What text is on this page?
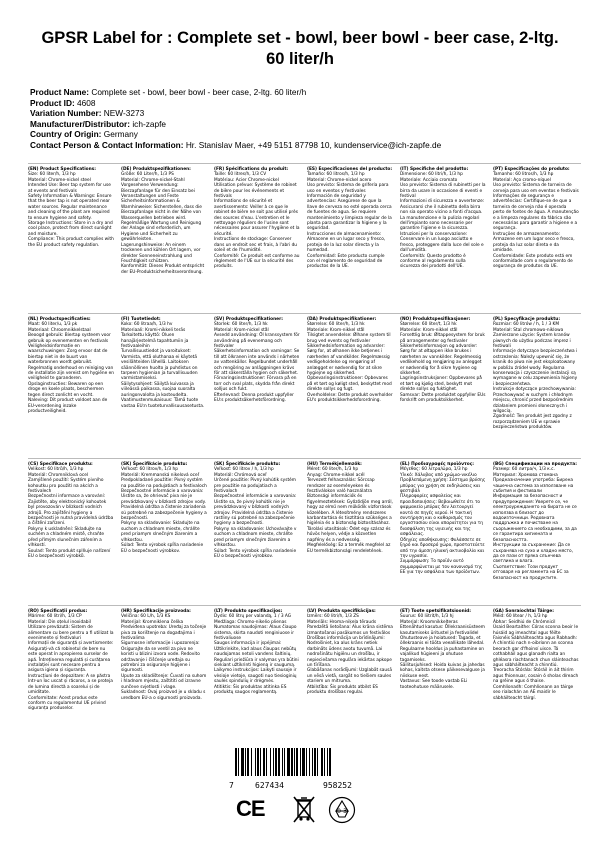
GPSR Label for : Complete set - bowl, beer bowl - beer case, 2-ltg. 60 liter/h
Product Name: Complete set - bowl, beer bowl - beer case, 2-ltg. 60 liter/h
Product ID: 4608
Variation Number: NEW-3273
Manufacturer/Distributor: ich-zapfe
Country of Origin: Germany
Contact Person & Contact Information: Hr. Stanislav Maer, +49 5151 87798 10, kundenservice@ich-zapfe.de
(EN) Product Specifications:
Size: 60 liter/h, 1/3 hp
Material: Chrome-nickel steel
Intended Use: Beer tap system for use at events and festivals
Safety Information & Warnings: Ensure that the beer tap is not operated near water sources. Regular maintenance and cleaning of the plant are required to ensure hygiene and safety.
Storage Instructions: Store in a dry and cool place, protect from direct sunlight and moisture.
Compliance: This product complies with the EU product safety regulation.
(DE) Produktspezifikationen:
Größe: 60 Liter/h, 1/3 PS
Material: Chrome-nickel-Stahl
Vorgesehene Verwendung: Bierzapfanlage für den Einsatz bei Veranstaltungen und Feste
Sicherheitsinformationen & Warnhinweise: Sicherstellen, dass die Bierzapfanlage nicht in der Nähe von Wasserquellen betrieben wird. Regelmäßige Wartung und Reinigung der Anlage sind erforderlich, um Hygiene und Sicherheit zu gewährleisten.
Lagerungshinweise: An einem trockenen und kühlen Ort lagern, vor direkter Sonneneinstrahlung und Feuchtigkeit schützen.
Konformität: Dieses Produkt entspricht der EU-Produktsicherheitsverordnung.
(FR) Spécifications du produit:
Taille: 60 litres/h, 1/3 CV
Matériau: Acier Chrome-nickel
Utilisation prévue: Système de robinet de bière pour les événements et festivals
Informations de sécurité et avertissements: Veiller à ce que le robinet de bière ne soit pas utilisé près des sources d'eau. L'entretien et le nettoyage réguliers de l'usine sont nécessaires pour assurer l'hygiène et la sécurité.
Instructions de stockage: Conserver dans un endroit sec et frais, à l'abri du soleil et de l'humidité.
Conformité: Ce produit est conforme au règlement de l'UE sur la sécurité des produits.
(ES) Especificaciones del producto:
Tamaño: 60 litros/h, 1/3 hp
Material: Chrome-nickel acero
Uso previsto: Sistema de grifería para uso en eventos y festivales
Información de seguridad y advertencias: Asegúrese de que la llave de cerveza no esté operada cerca de fuentes de agua. Se requiere mantenimiento y limpieza regular de la planta para garantizar la higiene y la seguridad.
Instrucciones de almacenamiento: Almacene en un lugar seco y fresco, proteja de la luz solar directa y la humedad.
Conformidad: Este producto cumple con el reglamento de seguridad de productos de la UE.
(IT) Specifiche del prodotto:
Dimensione: 60 litri/h, 1/3 hp
Materiale: Acciaio cromato
Uso previsto: Sistema di rubinetti per la birra da usare in occasione di eventi e festival
Informazioni di sicurezza e avvertenze: Assicurarsi che il rubinetto della birra non sia operato vicino a fonti d'acqua. La manutenzione e la pulizia regolari dell'impianto sono necessarie per garantire l'igiene e la sicurezza.
Istruzioni per la conservazione: Conservare in un luogo asciutto e fresco, proteggere dalla luce del sole e dall'umidità.
Conformità: Questo prodotto è conforme al regolamento sulla sicurezza dei prodotti dell'UE.
(PT) Especificações do produto:
Tamanho: 60 litros/h, 1/3 hp
Material: Aço cromo-níquel
Uso previsto: Sistema de torneira de cerveja para uso em eventos e festivais
Informações de segurança e advertências: Certifique-se de que a torneira de cerveja não é operada perto de fontes de água. A manutenção e a limpeza regulares da fábrica são necessárias para garantir a higiene e a segurança.
Instruções de armazenamento: Armazene em um lugar seco e fresco, proteja da luz solar direta e da umidade.
Conformidade: Este produto está em conformidade com o regulamento de segurança de produtos da UE.
(NL) Productspecificaties:
Maat: 60 liter/u, 1/3 pk
Materiaal: Chroomnikkelstaal
Beoogd gebruik: Biertap systeem voor gebruik op evenementen en festivals
Veiligheidsinformatie en waarschuwingen: Zorg ervoor dat de biertap niet in de buurt van waterbronnen wordt gebruikt. Regelmatig onderhoud en reiniging van de installatie zijn vereist om hygiëne en veiligheid te garanderen.
Opslaginstructies: Bewaren op een droge en koele plaats, beschermen tegen direct zonlicht en vocht.
Naleving: Dit product voldoet aan de EU-verordening inzake productveiligheid.
(FI) Tuotetiedot:
Koko: 60 litraa/h, 1/3 hv
Materiaali: Kromi-nikkeli teräs
Tarkoitettu käyttö: Oluen hanajärjestelmä tapahtumiin ja festivaaleihin
Turvallisuustiedot ja varoitukset: Varmista, että oluthanaa ei käytetä vesilähteiden lähellä. Laitoksen säännöllinen huolto ja puhdistus on tarpeen hygienian ja turvallisuuden varmistamiseksi.
Säilytysohjeet: Säilytä kuivassa ja viileässä paikassa, suojaa suoralta auringonvalolta ja kosteudelta.
Vaatimustenmukaisuus: Tämä tuote vastaa EU:n tuoteturvallisuusasetusta.
(SV) Produktspecifikationer:
Storlek: 60 liter/h, 1/3 hk
Material: Krom-nickel stål
Avsedd användning: Öl kranssystem för användning på evenemang och festivaler
Säkerhetsinformation och varningar: Se till att ölkranen inte används i närheten av vattenkällor. Regelbundet underhåll och rengöring av anläggningen krävs för att säkerställa hygien och säkerhet.
Förvaringsinstruktioner: Förvara på en torr och sval plats, skydda från direkt solljus och fukt.
Efterlevnad: Denna produkt uppfyller EU:s produktsäkerhetsförordning.
(DA) Produktspecifikationer:
Størrelse: 60 liter/h, 1/3 hk
Materiale: Krom-nikkel stål
Tilsigtet anvendelse: Ølhane system til brug ved events og festivaler
Sikkerhedsinformation og advarsler: Sørg for, at ølhanen ikke betjenes i nærheden af vandkilder. Regelmæssig vedligeholdelse og rengøring af anlægget er nødvendig for at sikre hygiejne og sikkerhed.
Opbevaringsinstruktioner: Opbevares på et tørt og køligt sted, beskyttet mod direkte sollys og fugt.
Overholdelse: Dette produkt overholder EU's produktsikkerhedsforordning.
(NO) Produktspesifikasjoner:
Størrelse: 60 liter/t, 1/3 hk
Materiale: Krom-nikkel stål
Forsettlig bruk: Øltappesystem for bruk på arrangementer og festivaler
Sikkerhetsinformasjon og advarsler: Sørg for at øltappen ikke brukes i nærheten av vannkilder. Regelmessig vedlikehold og rengjøring av anlegget er nødvendig for å sikre hygiene og sikkerhet.
Lagringsinstruksjoner: Oppbevares på et tørt og kjølig sted, beskytt mot direkte sollys og fuktighet.
Samsvar: Dette produktet oppfyller EUs forskrift om produktsikkerhet.
(PL) Specyfikacje produktu:
Rozmiar: 60 litrów / h, 1 / 3 KM
Materiał: Stal chromowo-niklowa
Zamierzone użycie: System kranów piwnych do użytku podczas imprez i festiwali
Informacje dotyczące bezpieczeństwa i ostrzeżenia: Należy upewnić się, że kranik do piwa nie jest eksploatowany w pobliżu źródeł wody. Regularna konserwacja i czyszczenie instalacji są wymagane w celu zapewnienia higieny i bezpieczeństwa.
Instrukcje dotyczące przechowywania: Przechowywać w suchym i chłodnym miejscu, chronić przed bezpośrednim działaniem promieni słonecznych i wilgocią.
Zgodność: Ten produkt jest zgodny z rozporządzeniem UE w sprawie bezpieczeństwa produktów.
(CS) Specifikace produktu:
Velikost: 60 litrů/h, 1/3 hp
Materiál: Chromniklová ocel
Zamýšlené použití: Systém pivního kohoutku pro použití na akcích a festivalech
Bezpečnostní informace a varování: Zajistěte, aby elektronický kohoutek byl provozován v blízkosti vodních zdrojů. Pro zajištění hygieny a bezpečnosti je nutná pravidelná údržba a čištění zařízení.
Pokyny k uskladnění: Skladujte na suchém a chladném místě, chraňte před přímým slunečním zářením a vlhkostí.
Soulad: Tento produkt splňuje nařízení EU o bezpečnosti výrobků.
(SK) Špecifikácie produktu:
Veľkosť: 60 litrov/h, 1/3 hp
Materiál: Kremmanská nikelová oceľ
Predpokladané použitie: Pivný systém na použitie na podujatiach a festivaloch
Bezpečnostné informácie a varovania: Uistite sa, že ohrievač piva nie je prevádzkovaný v blízkosti zdrojov vody. Pravidelná údržba a čistenie zariadenia sú potrebné na zabezpečenie hygieny a bezpečnosti.
Pokyny na skladovanie: Skladujte na suchom a chladnom mieste, chráňte pred priamym slnečným žiarením a vlhkosťou.
Súlad: Tento výrobok spĺňa nariadenie EÚ o bezpečnosti výrobkov.
(SK) Špecifikácie produktu:
Veľkosť: 60 litrov / h, 1/3 hp
Materiál: Chrómová oceľ
Určené použitie: Pivný kohútik systém pre použitie na podujatiach a festivaloch
Bezpečnostné informácie a varovania: Uistite sa, že pivný kohútik nie je prevádzkovaný v blízkosti vodných zdrojov. Pravidelná údržba a čistenie rastliny sú potrebné na zabezpečenie hygieny a bezpečnosti.
Pokyny na skladovanie: Uchovávajte v suchom a chladnom mieste, chráňte pred priamym slnečným žiarením a vlhkosťou.
Súlad: Tento výrobok spĺňa nariadenie EÚ o bezpečnosti výrobkov.
(HU) Termékjellemzők:
Méret: 60 liter/h, 1/3 hp
Anyag: Chrome-nikkel acél
Tervezett felhasználás: Sörcsap rendszer az eseményeken és fesztiválokon való használatra
Biztonsági információk és figyelmeztetések: Győződjön meg arról, hogy az elmű nem működik vízforrások közelében. A létesítmény rendszeres karbantartása és tisztítása szükséges a higiénia és a biztonság biztosításához.
Tárolási utasítások: Ödet egy száraz és hűvös helyen, védje a közvetlen napfény és a nedvesség.
Megfelelőség: Ez a termék megfelel az EU termékbiztonsági rendeletének.
(EL) Προδιαγραφές προϊόντος:
Μέγεθος: 60 λίτρα/ώρα, 1/3 hp
Υλικό: Χάλυβας από χρώμιο-νικέλιο
Προβλεπόμενη χρήση: Σύστημα βρύσης μπύρας για χρήση σε εκδηλώσεις και φεστιβάλ
Πληροφορίες ασφαλείας και προειδοποιήσεις: Βεβαιωθείτε ότι το φαρμακείο μπύρας δεν λειτουργεί κοντά σε πηγές νερού. Η τακτική συντήρηση και ο καθαρισμός του εργοστασίου είναι απαραίτητοι για τη διασφάλιση της υγιεινής και της ασφάλειας.
Οδηγίες αποθήκευσης: Φυλάσσετε σε ξηρό και δροσερό χώρο, προστατεύετε από την άμεση ηλιακή ακτινοβολία και την υγρασία.
Συμμόρφωση: Το προϊόν αυτό συμμορφώνεται με τον κανονισμό της ΕΕ για την ασφάλεια των προϊόντων.
(BG) Спецификации на продукта:
Размер: 60 литра/ч, 1/3 к.с.
Материал: Хромова стомана
Предназначение употреба: Бирена чашечна система за използване на събития и фестивали
Информация за безопасност и предупреждения: Уверете се, че електроуреждането на бирата не се използва в близост до водоизточници. Редовната поддръжка и почистване на съоръжението са необходими, за да се гарантира хигиената и безопасността.
Инструкции за съхранение: Да се съхранява на сухо и хладно място, да се пази от пряка слънчева светлина и влага.
Съответствие: Този продукт отговаря на регламента на ЕС за безопасност на продуктите.
(RO) Specificații produs:
Mărime: 60 litri/h, 1/3 CP
Material: Din oțelul inoxidabil
Utilizare prevăzută: Sistem de alimentare cu bere pentru a fi utilizat la evenimente și festivaluri
Informații de siguranță și avertismente: Asigurați-vă că robinetul de bere nu este operat în apropierea surselor de apă. Întreținerea regulată și curățarea instalației sunt necesare pentru a asigura igiena și siguranța.
Instrucțiuni de depozitare: A se păstra într-un loc uscat și răcoros, a se proteja de lumina directă a soarelui și de umiditate.
Conformitate: Acest produs este conform cu regulamentul UE privind siguranța produselor.
(HR) Specifikacije proizvoda:
Veličina: 60 L/h, 1/3 KS
Materijal: Kromniklena čelika
Predviđena upotreba: Uređaj za točenje piva za korištenje na događajima i festivalima
Sigurnosne informacije i upozorenja: Osigurajte da se ventil za pivo ne koristi u blizini izvora vode. Redovito održavanje i čišćenje uređaja su potrebni za osiguranje higijene i sigurnosti.
Upute za skladištenje: Čuvati na suhom i hladnom mjestu, zaštititi od izravne sunčeve svjetlosti i vlage.
Sukladnost: Ovaj proizvod je u skladu s uredbom EU-a o sigurnosti proizvoda.
(LT) Produkto specifikacijos:
Dydis: 60 litrų per valandą, 1 / 3 AG
Medžiaga: Chromo-nikelio plienas
Numatomas naudojimas: Alaus čiaupo sistema, skirta naudoti renginiuose ir festivaliuose
Saugos informacija ir įspėjimai: Užtikrinkite, kad alaus čiaupas nebūtų naudojamas netoli vandens šaltinių. Reguliari priežiūra ir valymas yra būtini siekiant užtikrinti higieną ir saugumą.
Laikymo instrukcijos: Laikyti sausoje ir vėsioje vietoje, saugoti nuo tiesioginių saulės spindulių ir drėgmės.
Atitiktis: Šis produktas atitinka ES produktų saugos reglamentą.
(LV) Produkta specifikācijas:
Izmērs: 60 litri/h, 1/3 ZS
Materiāls: Hroma-niķeļa tērauds
Paredzētā lietošana: Alus krāna sistēma izmantošanai pasākumos un festivālos
Drošības informācija un brīdinājumi: Nodrošiniet, ka alus krāns netiek darbināts ūdens avotu tuvumā. Lai nodrošinātu higiēnu un drošību, ir nepieciešama regulāra iekārtas apkope un tīrīšana.
Glabāšanas norādījumi: Uzglabāt sausā un vēsā vietā, sargāt no tiešiem saules stariem un mitruma.
Atbilstība: Šis produkts atbilst ES produktu drošības regulai.
(ET) Toote spetsifikatsioonid:
Suurus: 60 liitrit/h, 1/3 hj
Materjal: Kroomnikkelteras
Ettenähtud kasutus: Õllekraanisüsteem kasutamiseks üritustel ja festivalidel
Ohutusteave ja hoiatused: Tagada, et õllekraanis ei tööta veeallikate lähedal. Regulaarne hooldus ja puhastamine on vajalikud hügieeni ja ohutuse tagamiseks.
Säilitusjuhised: Hoida kuivas ja jahedas kohas, kaitsta otsese päikesevalguse ja niiskuse eest.
Vastavus: See toode vastab ELi tooteohutuse määrusele.
(GA) Sonraíochtaí Táirge:
Méid: 60 lítear / h, 1/3 hp
Ábhar: Seidhiú de Chrómnicil
Úsaid Beartaithe: Córas sconna beoir le húsáid ag imeachtaí agus féilte
Faisnéis Sábháilteachta agus Rabhadh: Á chinntiú nach n-oibríonn an sconna beorach gar d'fhoinsí uisce. Tá cothabháil agus glanadh rialta an ghléasra riachtanach chun sláinteachas agus sábháilteacht a chinntiú.
Treoracha Stórála: Stóráil in áit thirim agus fhionnuar, cosain ó sholas díreach na gréine agus ó thaise.
Comhlíonadh: Comhlíonann an táirge seo rialachán an AE maidir le sábháilteacht táirgí.
7	627434	958252
CE	0-3
